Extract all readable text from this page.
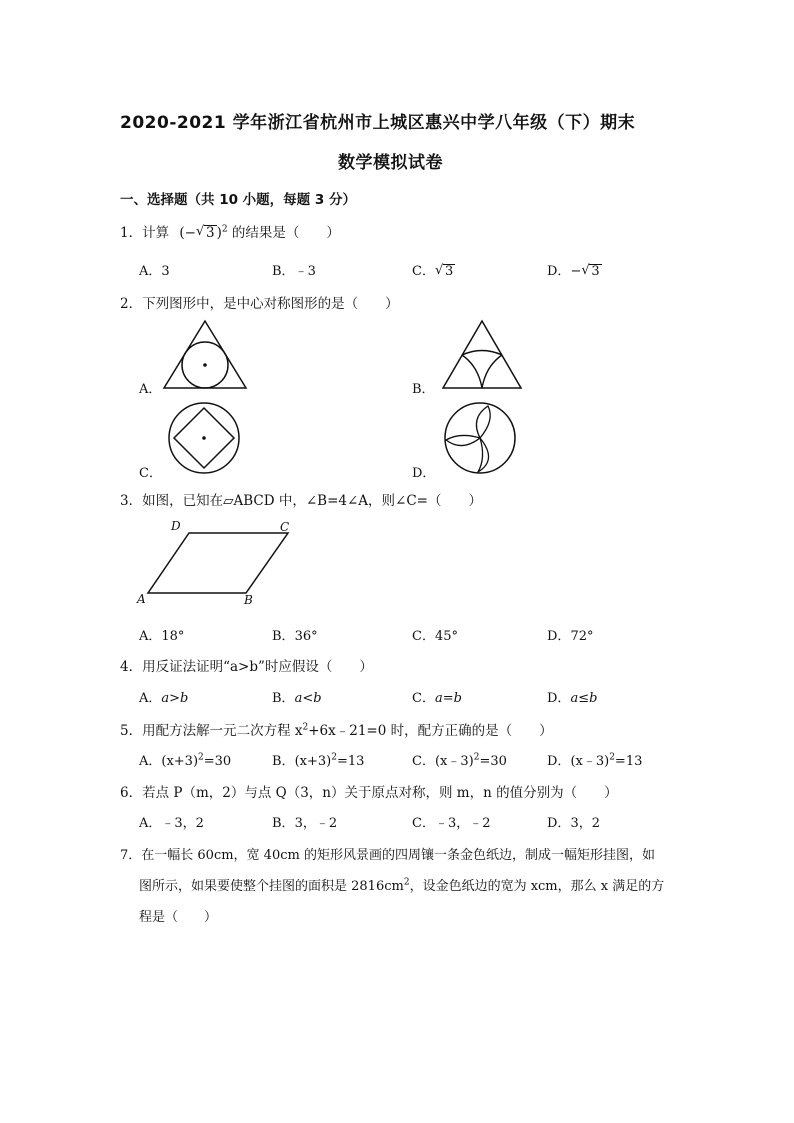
2020-2021 学年浙江省杭州市上城区惠兴中学八年级（下）期末
数学模拟试卷
一、选择题（共 10 小题，每题 3 分）
1．计算 (− √ 3 )$^2$ 的结果是（　　）
A．3	B．﹣3	C． √ 3	D．− √ 3
2．下列图形中，是中心对称图形的是（　　）
A．	B．
C．	D．
3．如图，已知在▱ABCD 中，∠B=4∠A，则∠C=（　　）
D	C
A	B
A．18°	B．36°	C．45°	D．72°
4．用反证法证明“a>b”时应假设（　　）
A．a>b	B．a<b	C．a=b	D．a≤b
5．用配方法解一元二次方程 $x^2+6x﹣21=0$ 时，配方正确的是（　　）
A．$(x+3)^2=30$	B．$(x+3)^2=13$	C．(x﹣3)$^2$=30	D．(x﹣3)$^2$=13
6．若点 P（m，2）与点 Q（3，n）关于原点对称，则 m，n 的值分别为（　　）
A．﹣3，2	B．3，﹣2	C．﹣3，﹣2	D．3，2
7．在一幅长 60cm，宽 40cm 的矩形风景画的四周镶一条金色纸边，制成一幅矩形挂图，如
图所示，如果要使整个挂图的面积是 $2816cm^2$，设金色纸边的宽为 xcm，那么 x 满足的方
程是（　　）
